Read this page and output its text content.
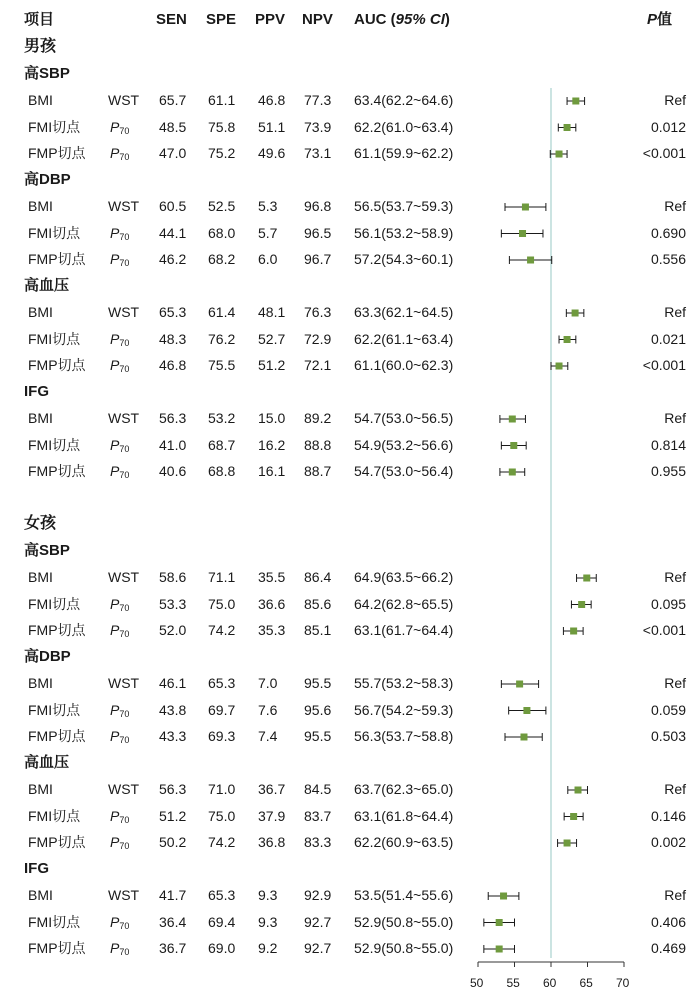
项目	SEN SPE PPV NPV AUC (95% CI)	P值
男孩
高SBP
BMI	WST 65.7 61.1 46.8 77.3 63.4(62.2~64.6)	Ref
FMI切点 P70 48.5 75.8 51.1 73.9 62.2(61.0~63.4)	0.012
FMP切点 P70 47.0 75.2 49.6 73.1 61.1(59.9~62.2)	<0.001
高DBP
BMI	WST 60.5 52.5 5.3 96.8 56.5(53.7~59.3)	Ref
FMI切点 P70 44.1 68.0 5.7 96.5 56.1(53.2~58.9)	0.690
FMP切点 P70 46.2 68.2 6.0 96.7 57.2(54.3~60.1)	0.556
高血压
BMI	WST 65.3 61.4 48.1 76.3 63.3(62.1~64.5)	Ref
FMI切点 P70 48.3 76.2 52.7 72.9 62.2(61.1~63.4)	0.021
FMP切点 P70 46.8 75.5 51.2 72.1 61.1(60.0~62.3)	<0.001
IFG
BMI	WST 56.3 53.2 15.0 89.2 54.7(53.0~56.5)	Ref
FMI切点 P70 41.0 68.7 16.2 88.8 54.9(53.2~56.6)	0.814
FMP切点 P70 40.6 68.8 16.1 88.7 54.7(53.0~56.4)	0.955
女孩
高SBP
BMI	WST 58.6 71.1 35.5 86.4 64.9(63.5~66.2)	Ref
FMI切点 P70 53.3 75.0 36.6 85.6 64.2(62.8~65.5)	0.095
FMP切点 P70 52.0 74.2 35.3 85.1 63.1(61.7~64.4)	<0.001
高DBP
BMI	WST 46.1 65.3 7.0 95.5 55.7(53.2~58.3)	Ref
FMI切点 P70 43.8 69.7 7.6 95.6 56.7(54.2~59.3)	0.059
FMP切点 P70 43.3 69.3 7.4 95.5 56.3(53.7~58.8)	0.503
高血压
BMI	WST 56.3 71.0 36.7 84.5 63.7(62.3~65.0)	Ref
FMI切点 P70 51.2 75.0 37.9 83.7 63.1(61.8~64.4)	0.146
FMP切点 P70 50.2 74.2 36.8 83.3 62.2(60.9~63.5)	0.002
IFG
BMI	WST 41.7 65.3 9.3 92.9 53.5(51.4~55.6)	Ref
FMI切点 P70 36.4 69.4 9.3 92.7 52.9(50.8~55.0)	0.406
FMP切点 P70 36.7 69.0 9.2 92.7 52.9(50.8~55.0)	0.469
50 55 60 65 70
